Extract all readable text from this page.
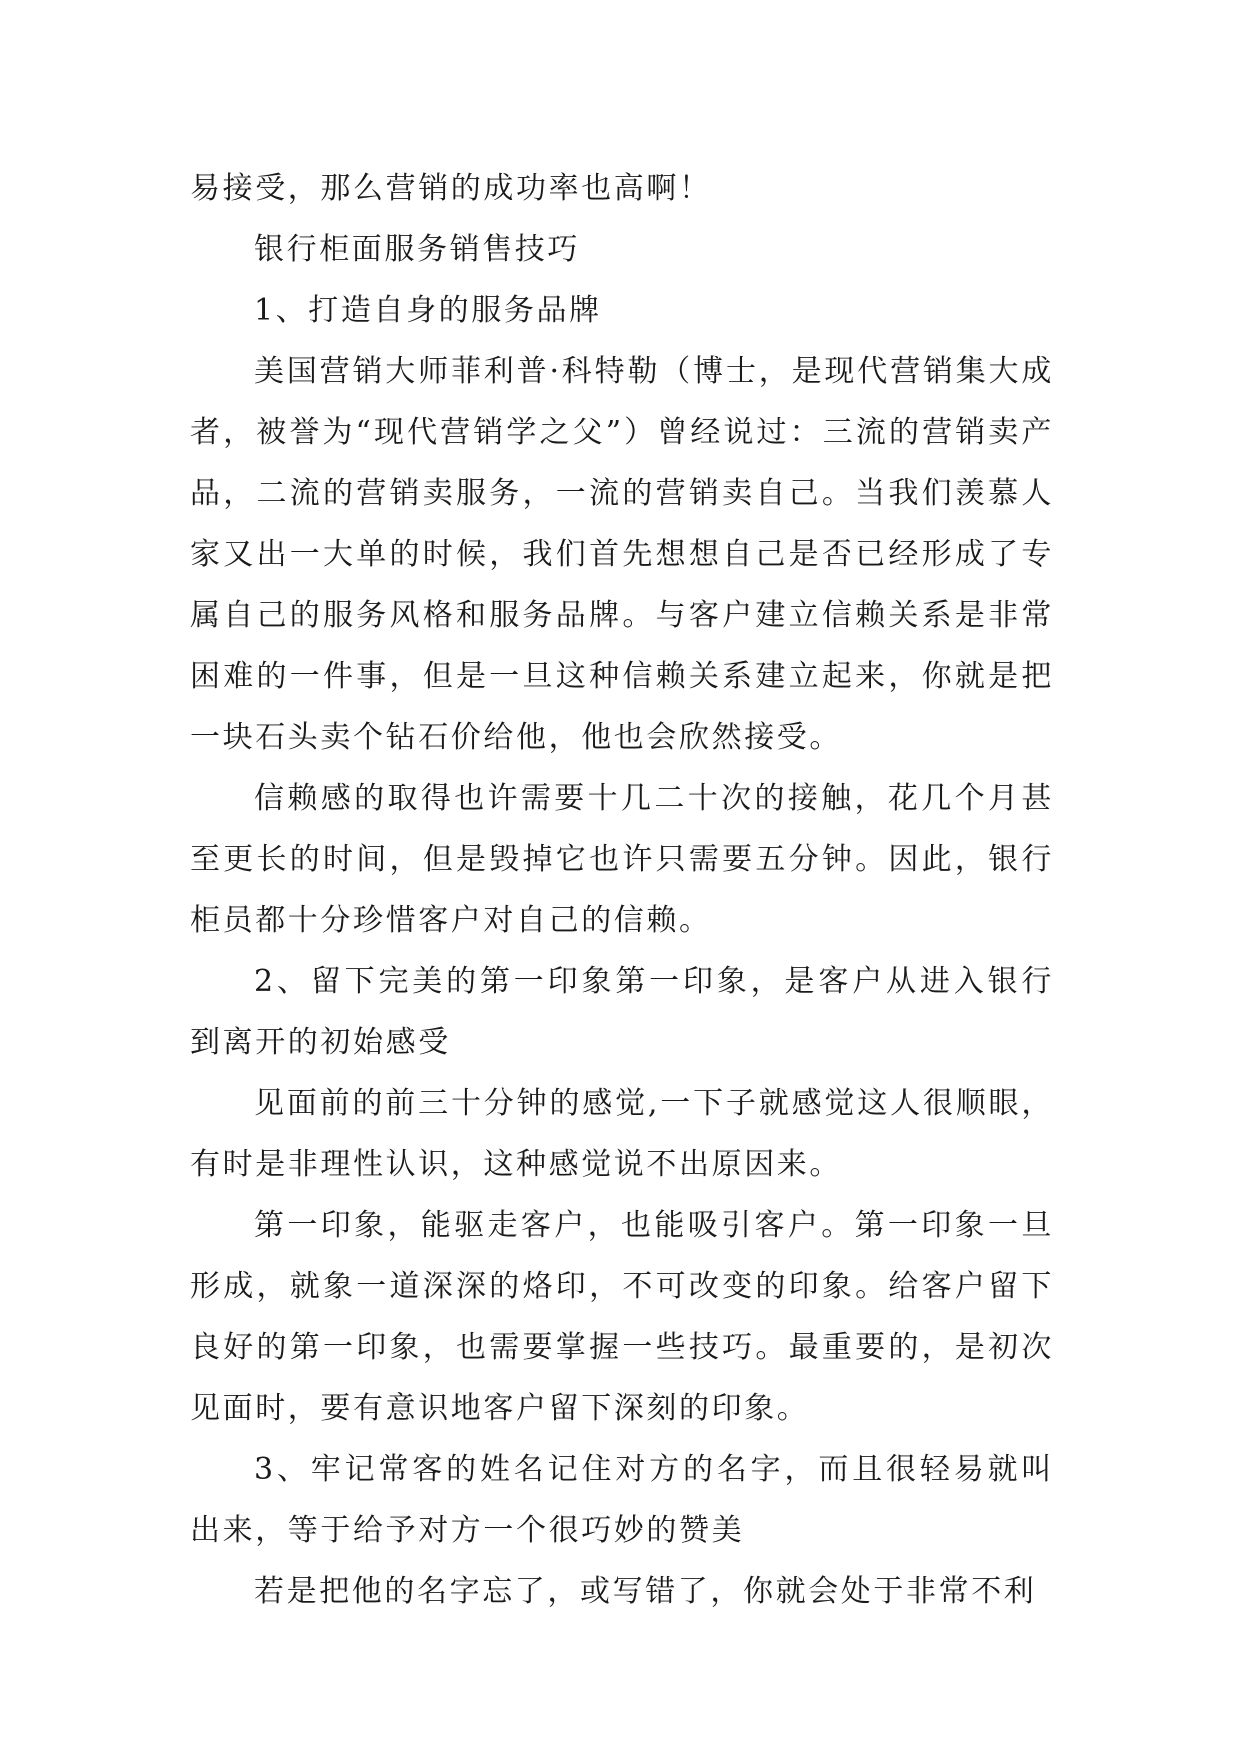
易接受，那么营销的成功率也高啊！

银行柜面服务销售技巧

1、打造自身的服务品牌

美国营销大师菲利普·科特勒（博士，是现代营销集大成者，被誉为“现代营销学之父”）曾经说过：三流的营销卖产品，二流的营销卖服务，一流的营销卖自己。当我们羡慕人家又出一大单的时候，我们首先想想自己是否已经形成了专属自己的服务风格和服务品牌。与客户建立信赖关系是非常困难的一件事，但是一旦这种信赖关系建立起来，你就是把一块石头卖个钻石价给他，他也会欣然接受。

信赖感的取得也许需要十几二十次的接触，花几个月甚至更长的时间，但是毁掉它也许只需要五分钟。因此，银行柜员都十分珍惜客户对自己的信赖。

2、留下完美的第一印象第一印象，是客户从进入银行到离开的初始感受

见面前的前三十分钟的感觉,一下子就感觉这人很顺眼，有时是非理性认识，这种感觉说不出原因来。

第一印象，能驱走客户，也能吸引客户。第一印象一旦形成，就象一道深深的烙印，不可改变的印象。给客户留下良好的第一印象，也需要掌握一些技巧。最重要的，是初次见面时，要有意识地客户留下深刻的印象。

3、牢记常客的姓名记住对方的名字，而且很轻易就叫出来，等于给予对方一个很巧妙的赞美

若是把他的名字忘了，或写错了，你就会处于非常不利
